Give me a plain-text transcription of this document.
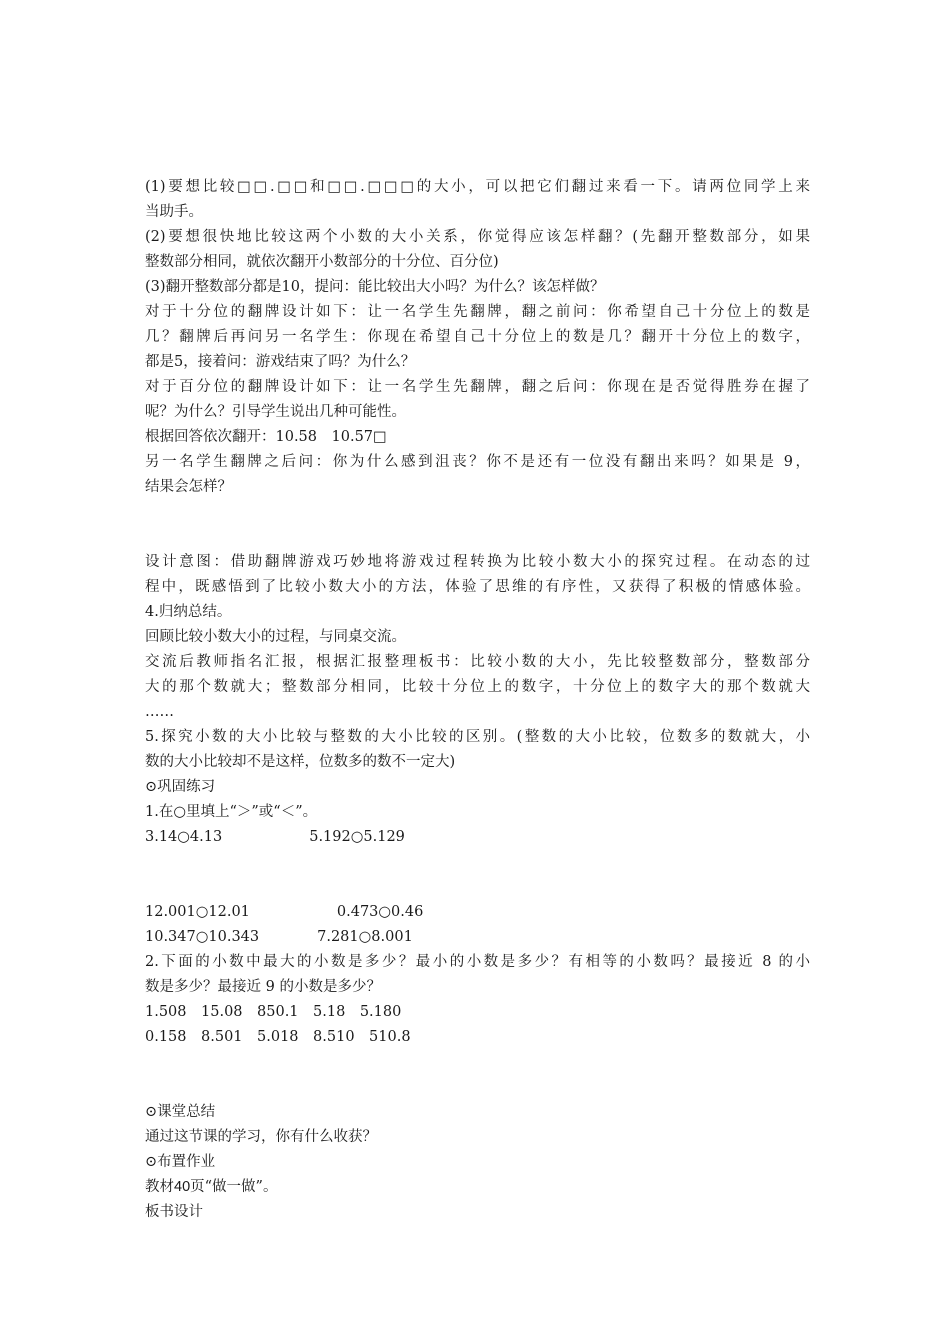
(1)要想比较□□.□□和□□.□□□的大小，可以把它们翻过来看一下。请两位同学上来
当助手。
(2)要想很快地比较这两个小数的大小关系，你觉得应该怎样翻？(先翻开整数部分，如果
整数部分相同，就依次翻开小数部分的十分位、百分位)
(3)翻开整数部分都是10，提问：能比较出大小吗？为什么？该怎样做？
对于十分位的翻牌设计如下：让一名学生先翻牌，翻之前问：你希望自己十分位上的数是
几？翻牌后再问另一名学生：你现在希望自己十分位上的数是几？翻开十分位上的数字，
都是5，接着问：游戏结束了吗？为什么？
对于百分位的翻牌设计如下：让一名学生先翻牌，翻之后问：你现在是否觉得胜券在握了
呢？为什么？引导学生说出几种可能性。
根据回答依次翻开：10.58　10.57□
另一名学生翻牌之后问：你为什么感到沮丧？你不是还有一位没有翻出来吗？如果是 9，
结果会怎样？
设计意图：借助翻牌游戏巧妙地将游戏过程转换为比较小数大小的探究过程。在动态的过
程中，既感悟到了比较小数大小的方法，体验了思维的有序性，又获得了积极的情感体验。
4.归纳总结。
回顾比较小数大小的过程，与同桌交流。
交流后教师指名汇报，根据汇报整理板书：比较小数的大小，先比较整数部分，整数部分
大的那个数就大；整数部分相同，比较十分位上的数字，十分位上的数字大的那个数就大
……
5.探究小数的大小比较与整数的大小比较的区别。(整数的大小比较，位数多的数就大，小
数的大小比较却不是这样，位数多的数不一定大)
⊙巩固练习
1.在○里填上“＞”或“＜”。
3.14○4.13　　　　　　5.192○5.129
12.001○12.01　　　　　　0.473○0.46
10.347○10.343　　　　7.281○8.001
2.下面的小数中最大的小数是多少？最小的小数是多少？有相等的小数吗？最接近 8 的小
数是多少？最接近 9 的小数是多少？
1.508　15.08　850.1　5.18　5.180
0.158　8.501　5.018　8.510　510.8
⊙课堂总结
通过这节课的学习，你有什么收获？
⊙布置作业
教材40页“做一做”。
板书设计
